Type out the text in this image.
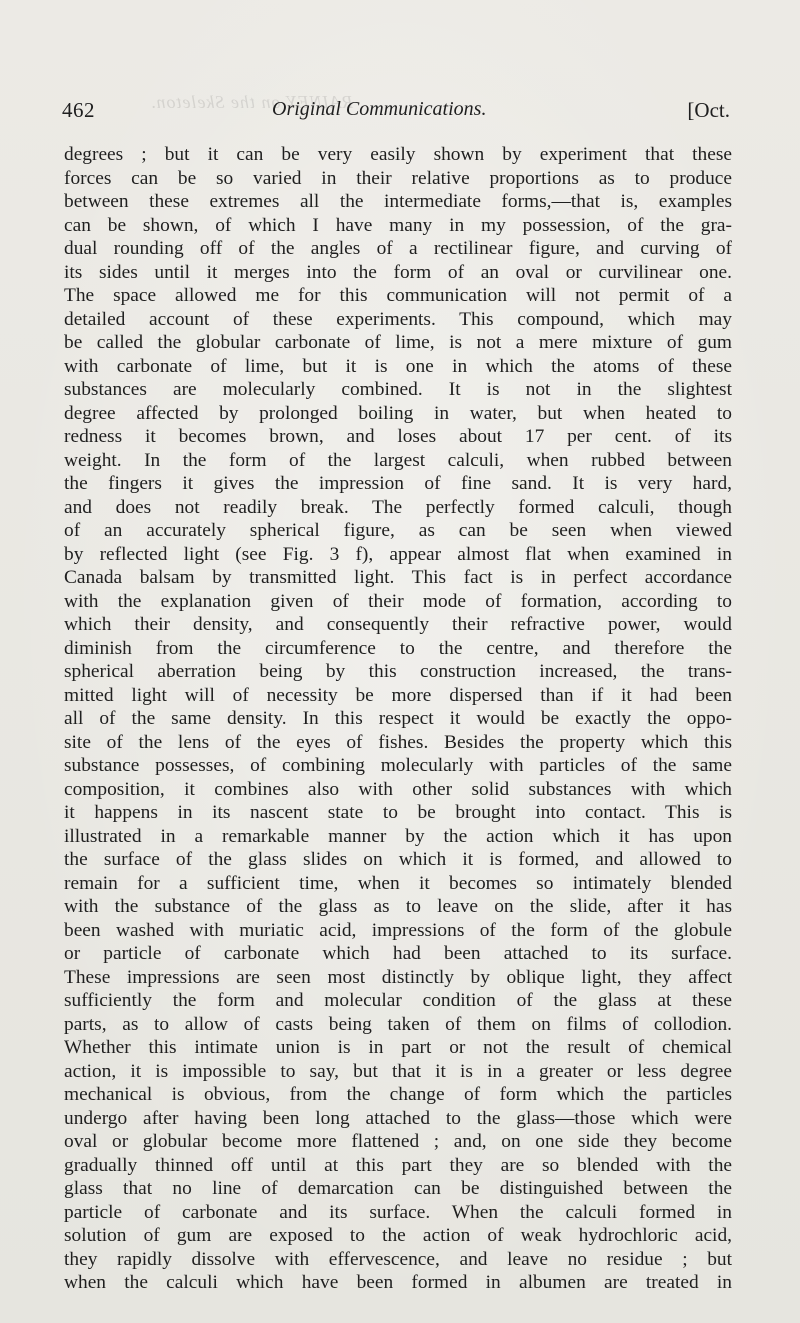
RAINEY on the Skeleton.
462	Original Communications.	[Oct.
degrees ; but it can be very easily shown by experiment that these
forces can be so varied in their relative proportions as to produce
between these extremes all the intermediate forms,—that is, examples
can be shown, of which I have many in my possession, of the gra-
dual rounding off of the angles of a rectilinear figure, and curving of
its sides until it merges into the form of an oval or curvilinear one.
The space allowed me for this communication will not permit of a
detailed account of these experiments. This compound, which may
be called the globular carbonate of lime, is not a mere mixture of gum
with carbonate of lime, but it is one in which the atoms of these
substances are molecularly combined. It is not in the slightest
degree affected by prolonged boiling in water, but when heated to
redness it becomes brown, and loses about 17 per cent. of its
weight. In the form of the largest calculi, when rubbed between
the fingers it gives the impression of fine sand. It is very hard,
and does not readily break. The perfectly formed calculi, though
of an accurately spherical figure, as can be seen when viewed
by reflected light (see Fig. 3 f), appear almost flat when examined in
Canada balsam by transmitted light. This fact is in perfect accordance
with the explanation given of their mode of formation, according to
which their density, and consequently their refractive power, would
diminish from the circumference to the centre, and therefore the
spherical aberration being by this construction increased, the trans-
mitted light will of necessity be more dispersed than if it had been
all of the same density. In this respect it would be exactly the oppo-
site of the lens of the eyes of fishes. Besides the property which this
substance possesses, of combining molecularly with particles of the same
composition, it combines also with other solid substances with which
it happens in its nascent state to be brought into contact. This is
illustrated in a remarkable manner by the action which it has upon
the surface of the glass slides on which it is formed, and allowed to
remain for a sufficient time, when it becomes so intimately blended
with the substance of the glass as to leave on the slide, after it has
been washed with muriatic acid, impressions of the form of the globule
or particle of carbonate which had been attached to its surface.
These impressions are seen most distinctly by oblique light, they affect
sufficiently the form and molecular condition of the glass at these
parts, as to allow of casts being taken of them on films of collodion.
Whether this intimate union is in part or not the result of chemical
action, it is impossible to say, but that it is in a greater or less degree
mechanical is obvious, from the change of form which the particles
undergo after having been long attached to the glass—those which were
oval or globular become more flattened ; and, on one side they become
gradually thinned off until at this part they are so blended with the
glass that no line of demarcation can be distinguished between the
particle of carbonate and its surface. When the calculi formed in
solution of gum are exposed to the action of weak hydrochloric acid,
they rapidly dissolve with effervescence, and leave no residue ; but
when the calculi which have been formed in albumen are treated in
